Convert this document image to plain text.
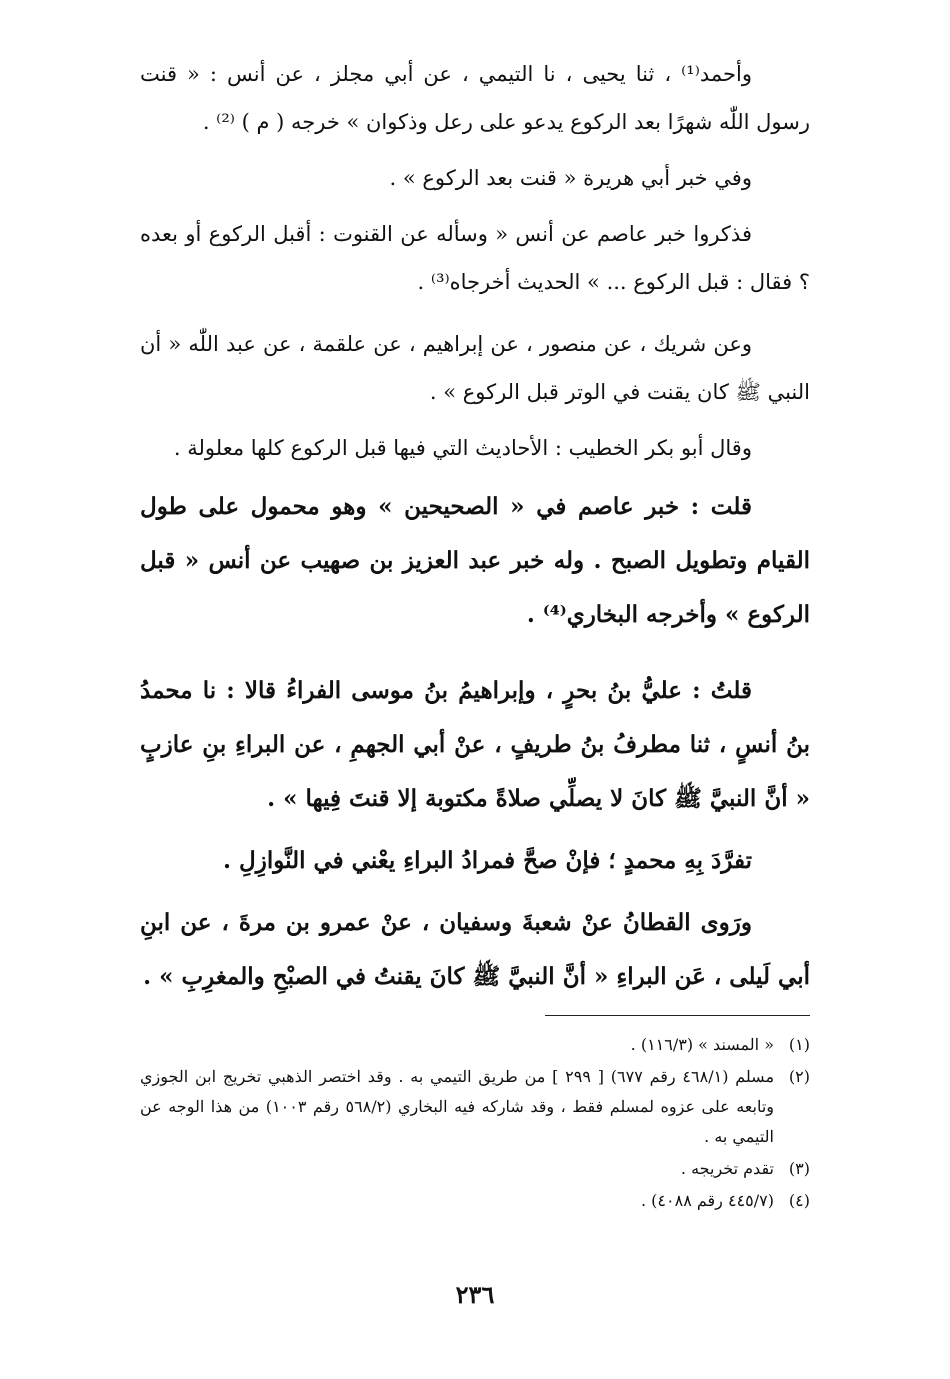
وأحمد⁽¹⁾ ، ثنا يحيى ، نا التيمي ، عن أبي مجلز ، عن أنس : « قنت رسول اللّٰه شهرًا بعد الركوع يدعو على رعل وذكوان » خرجه ( م ) ⁽²⁾ .

وفي خبر أبي هريرة « قنت بعد الركوع » .

فذكروا خبر عاصم عن أنس « وسأله عن القنوت : أقبل الركوع أو بعده ؟ فقال : قبل الركوع ... » الحديث أخرجاه⁽³⁾ .

وعن شريك ، عن منصور ، عن إبراهيم ، عن علقمة ، عن عبد اللّٰه « أن النبي ﷺ كان يقنت في الوتر قبل الركوع » .

وقال أبو بكر الخطيب : الأحاديث التي فيها قبل الركوع كلها معلولة .

قلت : خبر عاصم في « الصحيحين » وهو محمول على طول القيام وتطويل الصبح . وله خبر عبد العزيز بن صهيب عن أنس « قبل الركوع » وأخرجه البخاري⁽⁴⁾ .

قلتُ : عليُّ بنُ بحرٍ ، وإبراهيمُ بنُ موسى الفراءُ قالا : نا محمدُ بنُ أنسٍ ، ثنا مطرفُ بنُ طريفٍ ، عنْ أبي الجهمِ ، عن البراءِ بنِ عازبٍ « أنَّ النبيَّ ﷺ كانَ لا يصلِّي صلاةً مكتوبة إلا قنتَ فِيها » .

تفرَّدَ بِهِ محمدٍ ؛ فإنْ صحَّ فمرادُ البراءِ يعْني في النَّوازِلِ .

ورَوى القطانُ عنْ شعبةَ وسفيان ، عنْ عمرو بن مرةَ ، عن ابنِ أبي لَيلى ، عَن البراءِ « أنَّ النبيَّ ﷺ كانَ يقنتُ في الصبْحِ والمغرِبِ » .

(١)
« المسند » (١١٦/٣) .
(٢)
مسلم (٤٦٨/١ رقم ٦٧٧) [ ٢٩٩ ] من طريق التيمي به . وقد اختصر الذهبي تخريج ابن الجوزي وتابعه على عزوه لمسلم فقط ، وقد شاركه فيه البخاري (٥٦٨/٢ رقم ١٠٠٣) من هذا الوجه عن التيمي به .
(٣)
تقدم تخريجه .
(٤)
(٤٤٥/٧ رقم ٤٠٨٨) .
٢٣٦
